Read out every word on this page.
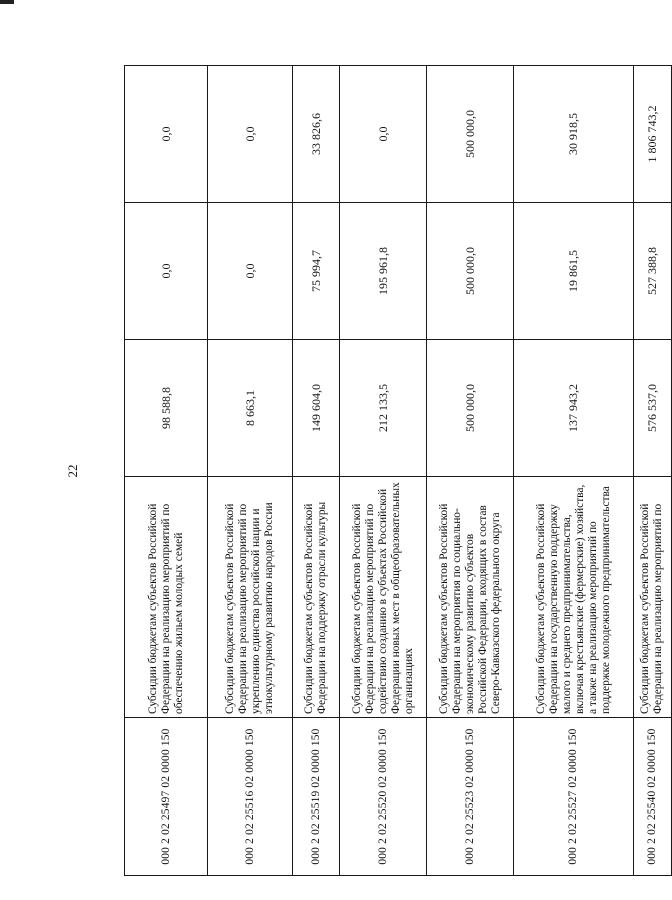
22
000 2 02 25497 02 0000 150	Субсидии бюджетам субъектов Российской Федерации на реализацию мероприятий по обеспечению жильем молодых семей	98 588,8	0,0	0,0
000 2 02 25516 02 0000 150	Субсидии бюджетам субъектов Российской Федерации на реализацию мероприятий по укреплению единства российской нации и этнокультурному развитию народов России	8 663,1	0,0	0,0
000 2 02 25519 02 0000 150	Субсидии бюджетам субъектов Российской Федерации на поддержку отрасли культуры	149 604,0	75 994,7	33 826,6
000 2 02 25520 02 0000 150	Субсидии бюджетам субъектов Российской Федерации на реализацию мероприятий по содействию созданию в субъектах Российской Федерации новых мест в общеобразовательных организациях	212 133,5	195 961,8	0,0
000 2 02 25523 02 0000 150	Субсидии бюджетам субъектов Российской Федерации на мероприятия по социально-экономическому развитию субъектов Российской Федерации, входящих в состав Северо-Кавказского федерального округа	500 000,0	500 000,0	500 000,0
000 2 02 25527 02 0000 150	Субсидии бюджетам субъектов Российской Федерации на государственную поддержку малого и среднего предпринимательства, включая крестьянские (фермерские) хозяйства, а также на реализацию мероприятий по поддержке молодежного предпринимательства	137 943,2	19 861,5	30 918,5
000 2 02 25540 02 0000 150	Субсидии бюджетам субъектов Российской Федерации на реализацию мероприятий по	576 537,0	527 388,8	1 806 743,2
